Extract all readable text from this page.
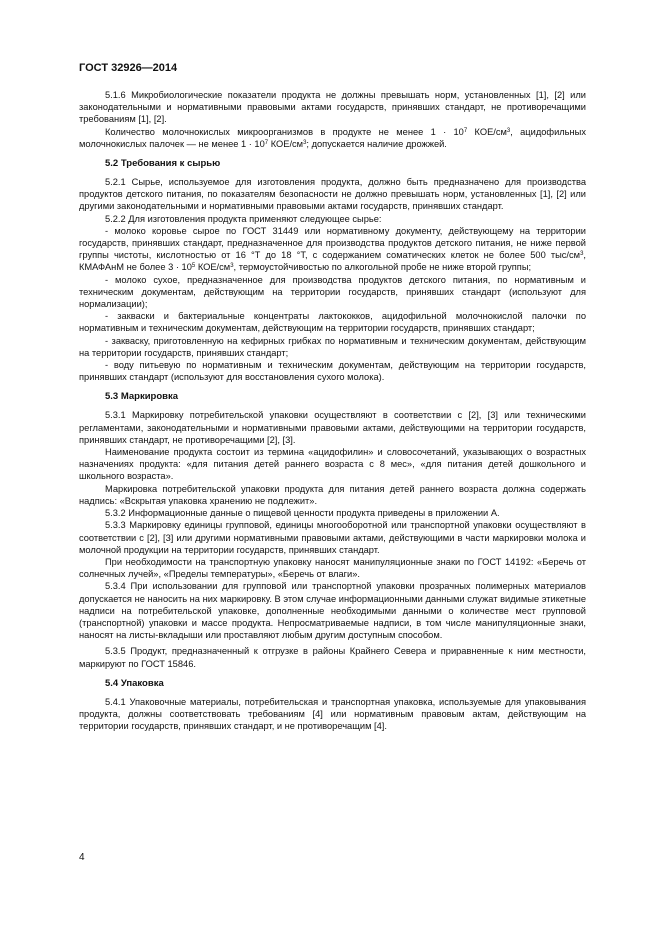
ГОСТ 32926—2014

5.1.6 Микробиологические показатели продукта не должны превышать норм, установленных [1], [2] или законодательными и нормативными правовыми актами государств, принявших стандарт, не противоречащими требованиям [1], [2].

Количество молочнокислых микроорганизмов в продукте не менее $1 \cdot 10^7$ КОЕ/$см^3$, ацидофильных молочнокислых палочек — не менее $1 \cdot 10^7$ КОЕ/$см^3$; допускается наличие дрожжей.

5.2 Требования к сырью

5.2.1 Сырье, используемое для изготовления продукта, должно быть предназначено для производства продуктов детского питания, по показателям безопасности не должно превышать норм, установленных [1], [2] или другими законодательными и нормативными правовыми актами государств, принявших стандарт.

5.2.2 Для изготовления продукта применяют следующее сырье:

- молоко коровье сырое по ГОСТ 31449 или нормативному документу, действующему на территории государств, принявших стандарт, предназначенное для производства продуктов детского питания, не ниже первой группы чистоты, кислотностью от 16 °Т до 18 °Т, с содержанием соматических клеток не более 500 тыс/$см^3$, КМАФАнМ не более $3 \cdot 10^5$ КОЕ/$см^3$, термоустойчивостью по алкогольной пробе не ниже второй группы;

- молоко сухое, предназначенное для производства продуктов детского питания, по нормативным и техническим документам, действующим на территории государств, принявших стандарт (используют для нормализации);

- закваски и бактериальные концентраты лактококков, ацидофильной молочнокислой палочки по нормативным и техническим документам, действующим на территории государств, принявших стандарт;

- закваску, приготовленную на кефирных грибках по нормативным и техническим документам, действующим на территории государств, принявших стандарт;

- воду питьевую по нормативным и техническим документам, действующим на территории государств, принявших стандарт (используют для восстановления сухого молока).

5.3 Маркировка

5.3.1 Маркировку потребительской упаковки осуществляют в соответствии с [2], [3] или техническими регламентами, законодательными и нормативными правовыми актами, действующими на территории государств, принявших стандарт, не противоречащими [2], [3].

Наименование продукта состоит из термина «ацидофилин» и словосочетаний, указывающих о возрастных назначениях продукта: «для питания детей раннего возраста с 8 мес», «для питания детей дошкольного и школьного возраста».

Маркировка потребительской упаковки продукта для питания детей раннего возраста должна содержать надпись: «Вскрытая упаковка хранению не подлежит».

5.3.2 Информационные данные о пищевой ценности продукта приведены в приложении А.

5.3.3 Маркировку единицы групповой, единицы многооборотной или транспортной упаковки осуществляют в соответствии с [2], [3] или другими нормативными правовыми актами, действующими в части маркировки молока и молочной продукции на территории государств, принявших стандарт.

При необходимости на транспортную упаковку наносят манипуляционные знаки по ГОСТ 14192: «Беречь от солнечных лучей», «Пределы температуры», «Беречь от влаги».

5.3.4 При использовании для групповой или транспортной упаковки прозрачных полимерных материалов допускается не наносить на них маркировку. В этом случае информационными данными служат видимые этикетные надписи на потребительской упаковке, дополненные необходимыми данными о количестве мест групповой (транспортной) упаковки и массе продукта. Непросматриваемые надписи, в том числе манипуляционные знаки, наносят на листы-вкладыши или проставляют любым другим доступным способом.

5.3.5 Продукт, предназначенный к отгрузке в районы Крайнего Севера и приравненные к ним местности, маркируют по ГОСТ 15846.

5.4 Упаковка

5.4.1 Упаковочные материалы, потребительская и транспортная упаковка, используемые для упаковывания продукта, должны соответствовать требованиям [4] или нормативным правовым актам, действующим на территории государств, принявших стандарт, и не противоречащим [4].

4
